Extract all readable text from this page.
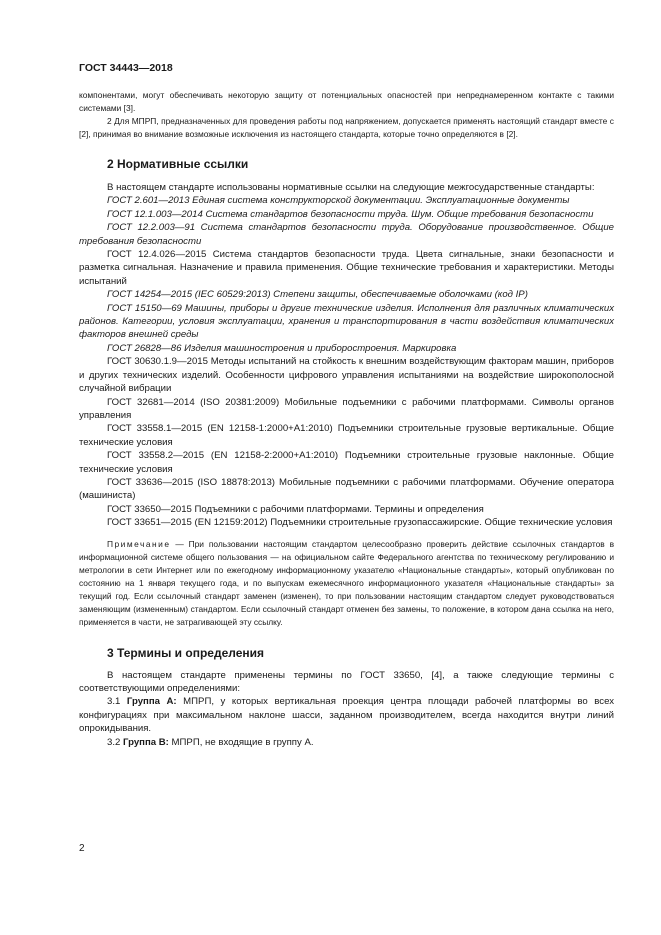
ГОСТ 34443—2018

компонентами, могут обеспечивать некоторую защиту от потенциальных опасностей при непреднамеренном контакте с такими системами [3].

2 Для МПРП, предназначенных для проведения работы под напряжением, допускается применять настоящий стандарт вместе с [2], принимая во внимание возможные исключения из настоящего стандарта, которые точно определяются в [2].

2 Нормативные ссылки

В настоящем стандарте использованы нормативные ссылки на следующие межгосударственные стандарты:

ГОСТ 2.601—2013 Единая система конструкторской документации. Эксплуатационные документы

ГОСТ 12.1.003—2014 Система стандартов безопасности труда. Шум. Общие требования безопасности

ГОСТ 12.2.003—91 Система стандартов безопасности труда. Оборудование производственное. Общие требования безопасности

ГОСТ 12.4.026—2015 Система стандартов безопасности труда. Цвета сигнальные, знаки безопасности и разметка сигнальная. Назначение и правила применения. Общие технические требования и характеристики. Методы испытаний

ГОСТ 14254—2015 (IEC 60529:2013) Степени защиты, обеспечиваемые оболочками (код IP)

ГОСТ 15150—69 Машины, приборы и другие технические изделия. Исполнения для различных климатических районов. Категории, условия эксплуатации, хранения и транспортирования в части воздействия климатических факторов внешней среды

ГОСТ 26828—86 Изделия машиностроения и приборостроения. Маркировка

ГОСТ 30630.1.9—2015 Методы испытаний на стойкость к внешним воздействующим факторам машин, приборов и других технических изделий. Особенности цифрового управления испытаниями на воздействие широкополосной случайной вибрации

ГОСТ 32681—2014 (ISO 20381:2009) Мобильные подъемники с рабочими платформами. Символы органов управления

ГОСТ 33558.1—2015 (EN 12158-1:2000+A1:2010) Подъемники строительные грузовые вертикальные. Общие технические условия

ГОСТ 33558.2—2015 (EN 12158-2:2000+A1:2010) Подъемники строительные грузовые наклонные. Общие технические условия

ГОСТ 33636—2015 (ISO 18878:2013) Мобильные подъемники с рабочими платформами. Обучение оператора (машиниста)

ГОСТ 33650—2015 Подъемники с рабочими платформами. Термины и определения

ГОСТ 33651—2015 (EN 12159:2012) Подъемники строительные грузопассажирские. Общие технические условия

Примечание — При пользовании настоящим стандартом целесообразно проверить действие ссылочных стандартов в информационной системе общего пользования — на официальном сайте Федерального агентства по техническому регулированию и метрологии в сети Интернет или по ежегодному информационному указателю «Национальные стандарты», который опубликован по состоянию на 1 января текущего года, и по выпускам ежемесячного информационного указателя «Национальные стандарты» за текущий год. Если ссылочный стандарт заменен (изменен), то при пользовании настоящим стандартом следует руководствоваться заменяющим (измененным) стандартом. Если ссылочный стандарт отменен без замены, то положение, в котором дана ссылка на него, применяется в части, не затрагивающей эту ссылку.

3 Термины и определения

В настоящем стандарте применены термины по ГОСТ 33650, [4], а также следующие термины с соответствующими определениями:

3.1 Группа А: МПРП, у которых вертикальная проекция центра площади рабочей платформы во всех конфигурациях при максимальном наклоне шасси, заданном производителем, всегда находится внутри линий опрокидывания.

3.2 Группа В: МПРП, не входящие в группу А.

2
